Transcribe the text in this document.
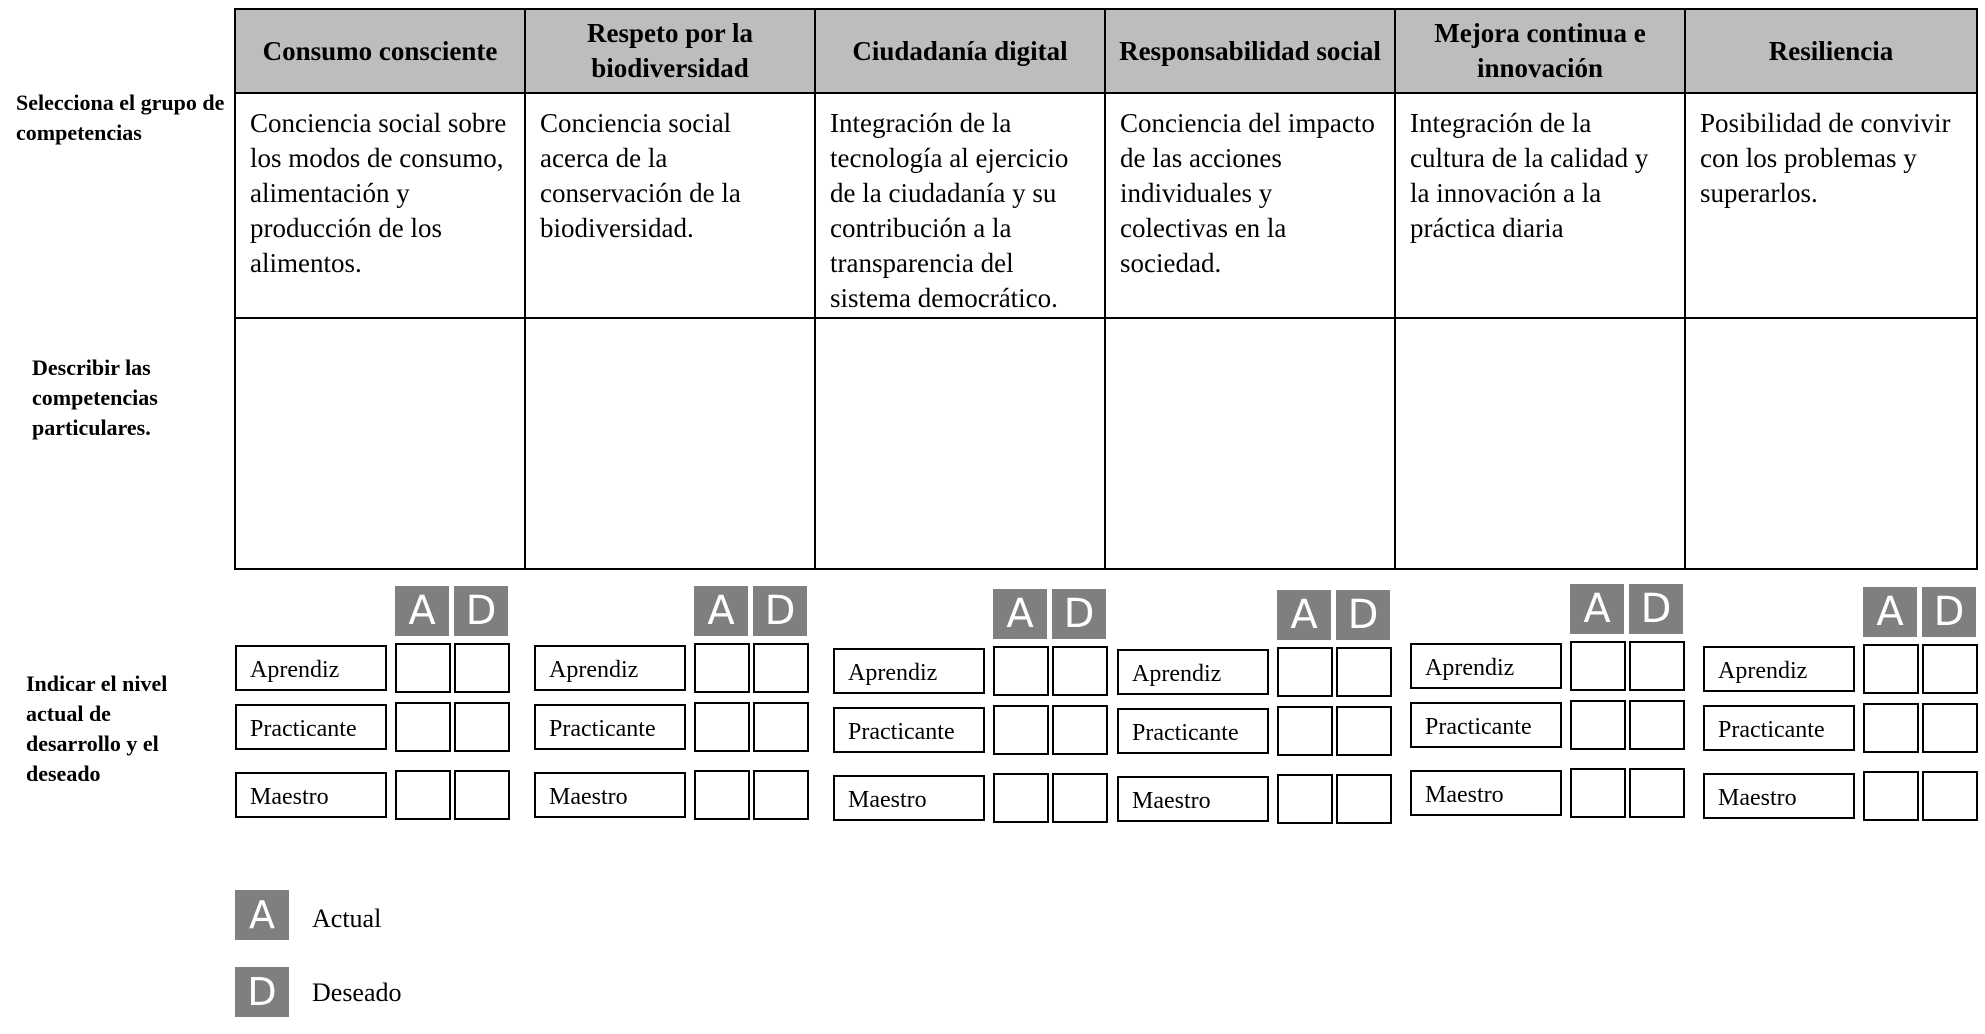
Selecciona el grupo de competencias
Describir las competencias particulares.
Indicar el nivel actual de desarrollo y el deseado
Consumo consciente	Respeto por la biodiversidad	Ciudadanía digital	Responsabilidad social	Mejora continua e innovación	Resiliencia
Conciencia social sobre los modos de consumo, alimentación y producción de los alimentos.	Conciencia social acerca de la conservación de la biodiversidad.	Integración de la tecnología al ejercicio de la ciudadanía y su contribución a la transparencia del sistema democrático.	Conciencia del impacto de las acciones individuales y colectivas en la sociedad.	Integración de la cultura de la calidad y la innovación a la práctica diaria	Posibilidad de convivir con los problemas y superarlos.

A D
Aprendiz
Practicante
Maestro
A D
Aprendiz
Practicante
Maestro
A D
Aprendiz
Practicante
Maestro
A D
Aprendiz
Practicante
Maestro
A D
Aprendiz
Practicante
Maestro
A D
Aprendiz
Practicante
Maestro
A	Actual
D	Deseado
